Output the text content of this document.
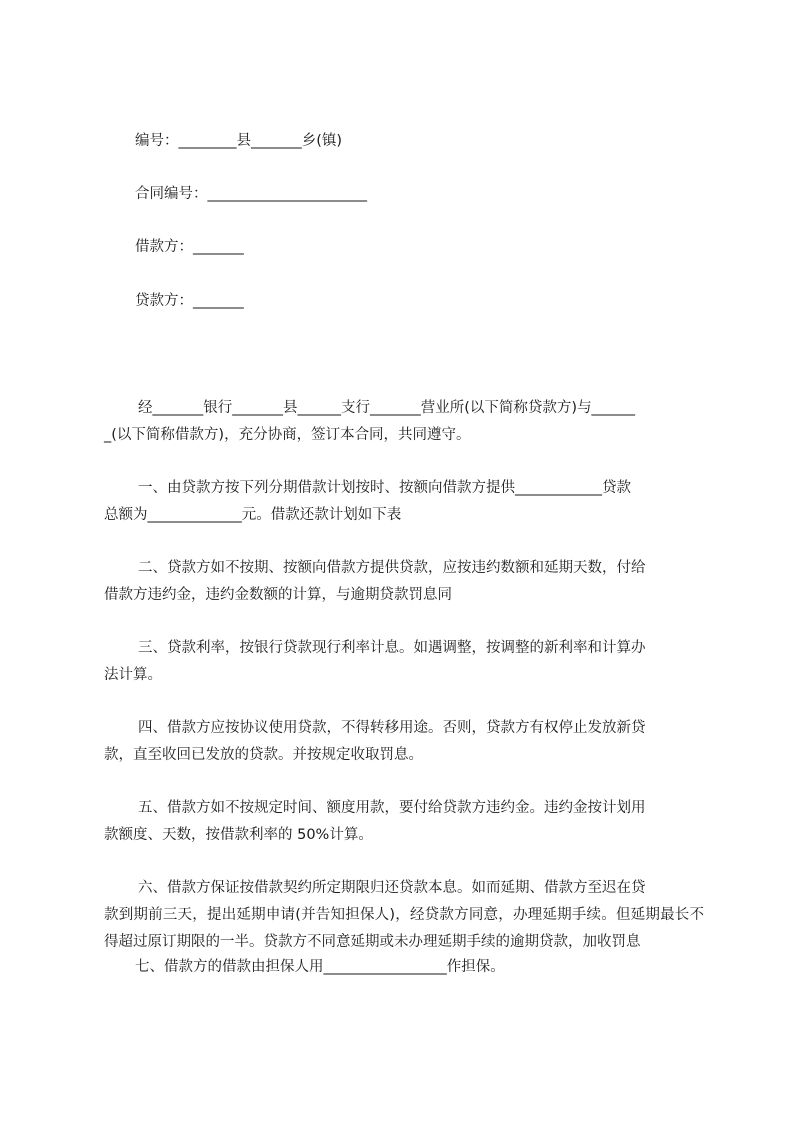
编号：________县_______乡(镇)

合同编号：______________________

借款方：_______

贷款方：_______

经_______银行_______县______支行_______营业所(以下简称贷款方)与______
_(以下简称借款方)，充分协商，签订本合同，共同遵守。

一、由贷款方按下列分期借款计划按时、按额向借款方提供____________贷款
总额为_____________元。借款还款计划如下表

二、贷款方如不按期、按额向借款方提供贷款，应按违约数额和延期天数，付给
借款方违约金，违约金数额的计算，与逾期贷款罚息同

三、贷款利率，按银行贷款现行利率计息。如遇调整，按调整的新利率和计算办
法计算。

四、借款方应按协议使用贷款，不得转移用途。否则，贷款方有权停止发放新贷
款，直至收回已发放的贷款。并按规定收取罚息。

五、借款方如不按规定时间、额度用款，要付给贷款方违约金。违约金按计划用
款额度、天数，按借款利率的 50%计算。

六、借款方保证按借款契约所定期限归还贷款本息。如而延期、借款方至迟在贷
款到期前三天，提出延期申请(并告知担保人)，经贷款方同意，办理延期手续。但延期最长不得超过原订期限的一半。贷款方不同意延期或未办理延期手续的逾期贷款，加收罚息

七、借款方的借款由担保人用_________________作担保。
